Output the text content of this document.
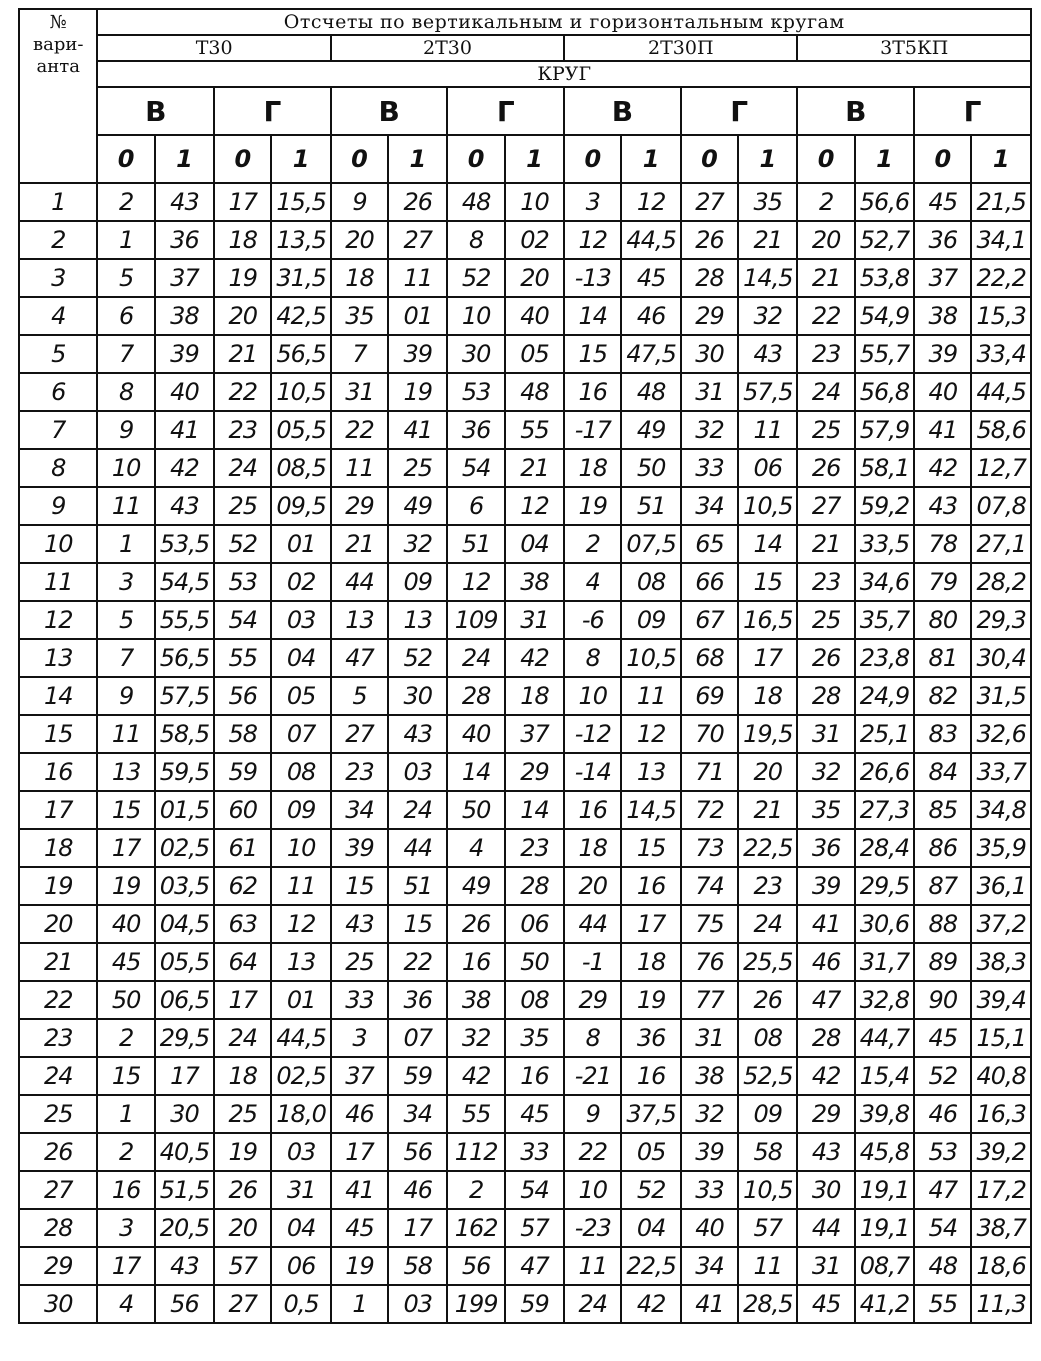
№
вари-
анта	Отсчеты по вертикальным и горизонтальным кругам															
	Т30				2Т30				2Т30П				3Т5КП			
	КРУГ															
	В		Г		В		Г		В		Г		В		Г	
	0	1	0	1	0	1	0	1	0	1	0	1	0	1	0	1
1	2	43	17	15,5	9	26	48	10	3	12	27	35	2	56,6	45	21,5
2	1	36	18	13,5	20	27	8	02	12	44,5	26	21	20	52,7	36	34,1
3	5	37	19	31,5	18	11	52	20	-13	45	28	14,5	21	53,8	37	22,2
4	6	38	20	42,5	35	01	10	40	14	46	29	32	22	54,9	38	15,3
5	7	39	21	56,5	7	39	30	05	15	47,5	30	43	23	55,7	39	33,4
6	8	40	22	10,5	31	19	53	48	16	48	31	57,5	24	56,8	40	44,5
7	9	41	23	05,5	22	41	36	55	-17	49	32	11	25	57,9	41	58,6
8	10	42	24	08,5	11	25	54	21	18	50	33	06	26	58,1	42	12,7
9	11	43	25	09,5	29	49	6	12	19	51	34	10,5	27	59,2	43	07,8
10	1	53,5	52	01	21	32	51	04	2	07,5	65	14	21	33,5	78	27,1
11	3	54,5	53	02	44	09	12	38	4	08	66	15	23	34,6	79	28,2
12	5	55,5	54	03	13	13	109	31	-6	09	67	16,5	25	35,7	80	29,3
13	7	56,5	55	04	47	52	24	42	8	10,5	68	17	26	23,8	81	30,4
14	9	57,5	56	05	5	30	28	18	10	11	69	18	28	24,9	82	31,5
15	11	58,5	58	07	27	43	40	37	-12	12	70	19,5	31	25,1	83	32,6
16	13	59,5	59	08	23	03	14	29	-14	13	71	20	32	26,6	84	33,7
17	15	01,5	60	09	34	24	50	14	16	14,5	72	21	35	27,3	85	34,8
18	17	02,5	61	10	39	44	4	23	18	15	73	22,5	36	28,4	86	35,9
19	19	03,5	62	11	15	51	49	28	20	16	74	23	39	29,5	87	36,1
20	40	04,5	63	12	43	15	26	06	44	17	75	24	41	30,6	88	37,2
21	45	05,5	64	13	25	22	16	50	-1	18	76	25,5	46	31,7	89	38,3
22	50	06,5	17	01	33	36	38	08	29	19	77	26	47	32,8	90	39,4
23	2	29,5	24	44,5	3	07	32	35	8	36	31	08	28	44,7	45	15,1
24	15	17	18	02,5	37	59	42	16	-21	16	38	52,5	42	15,4	52	40,8
25	1	30	25	18,0	46	34	55	45	9	37,5	32	09	29	39,8	46	16,3
26	2	40,5	19	03	17	56	112	33	22	05	39	58	43	45,8	53	39,2
27	16	51,5	26	31	41	46	2	54	10	52	33	10,5	30	19,1	47	17,2
28	3	20,5	20	04	45	17	162	57	-23	04	40	57	44	19,1	54	38,7
29	17	43	57	06	19	58	56	47	11	22,5	34	11	31	08,7	48	18,6
30	4	56	27	0,5	1	03	199	59	24	42	41	28,5	45	41,2	55	11,3
